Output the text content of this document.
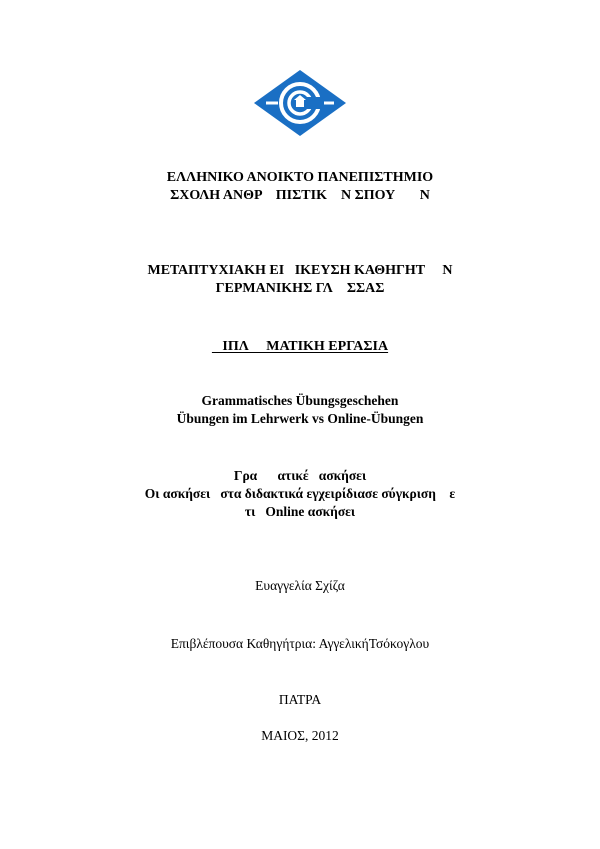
ΕΛΛΗΝΙΚΟ ΑΝΟΙΚΤΟ ΠΑΝΕΠΙΣΤΗΜΙΟ
ΣΧΟΛΗ ΑΝΘΡ    ΠΙΣΤΙΚ    Ν ΣΠΟΥ       Ν
ΜΕΤΑΠΤΥΧΙΑΚΗ ΕΙ   ΙΚΕΥΣΗ ΚΑΘΗΓΗΤ     Ν
ΓΕΡΜΑΝΙΚΗΣ ΓΛ    ΣΣΑΣ
ΙΠΛ     ΜΑΤΙΚΗ ΕΡΓΑΣΙΑ
Grammatisches Übungsgeschehen
Übungen im Lehrwerk vs Online-Übungen
Γρα      ατικέ   ασκήσει
Οι ασκήσει   στα διδακτικά εγχειρίδιασε σύγκριση    ε
τι   Online ασκήσει
Ευαγγελία Σχίζα
Επιβλέπουσα Καθηγήτρια: ΑγγελικήΤσόκογλου
ΠΑΤΡΑ
ΜΑΙΟΣ, 2012
